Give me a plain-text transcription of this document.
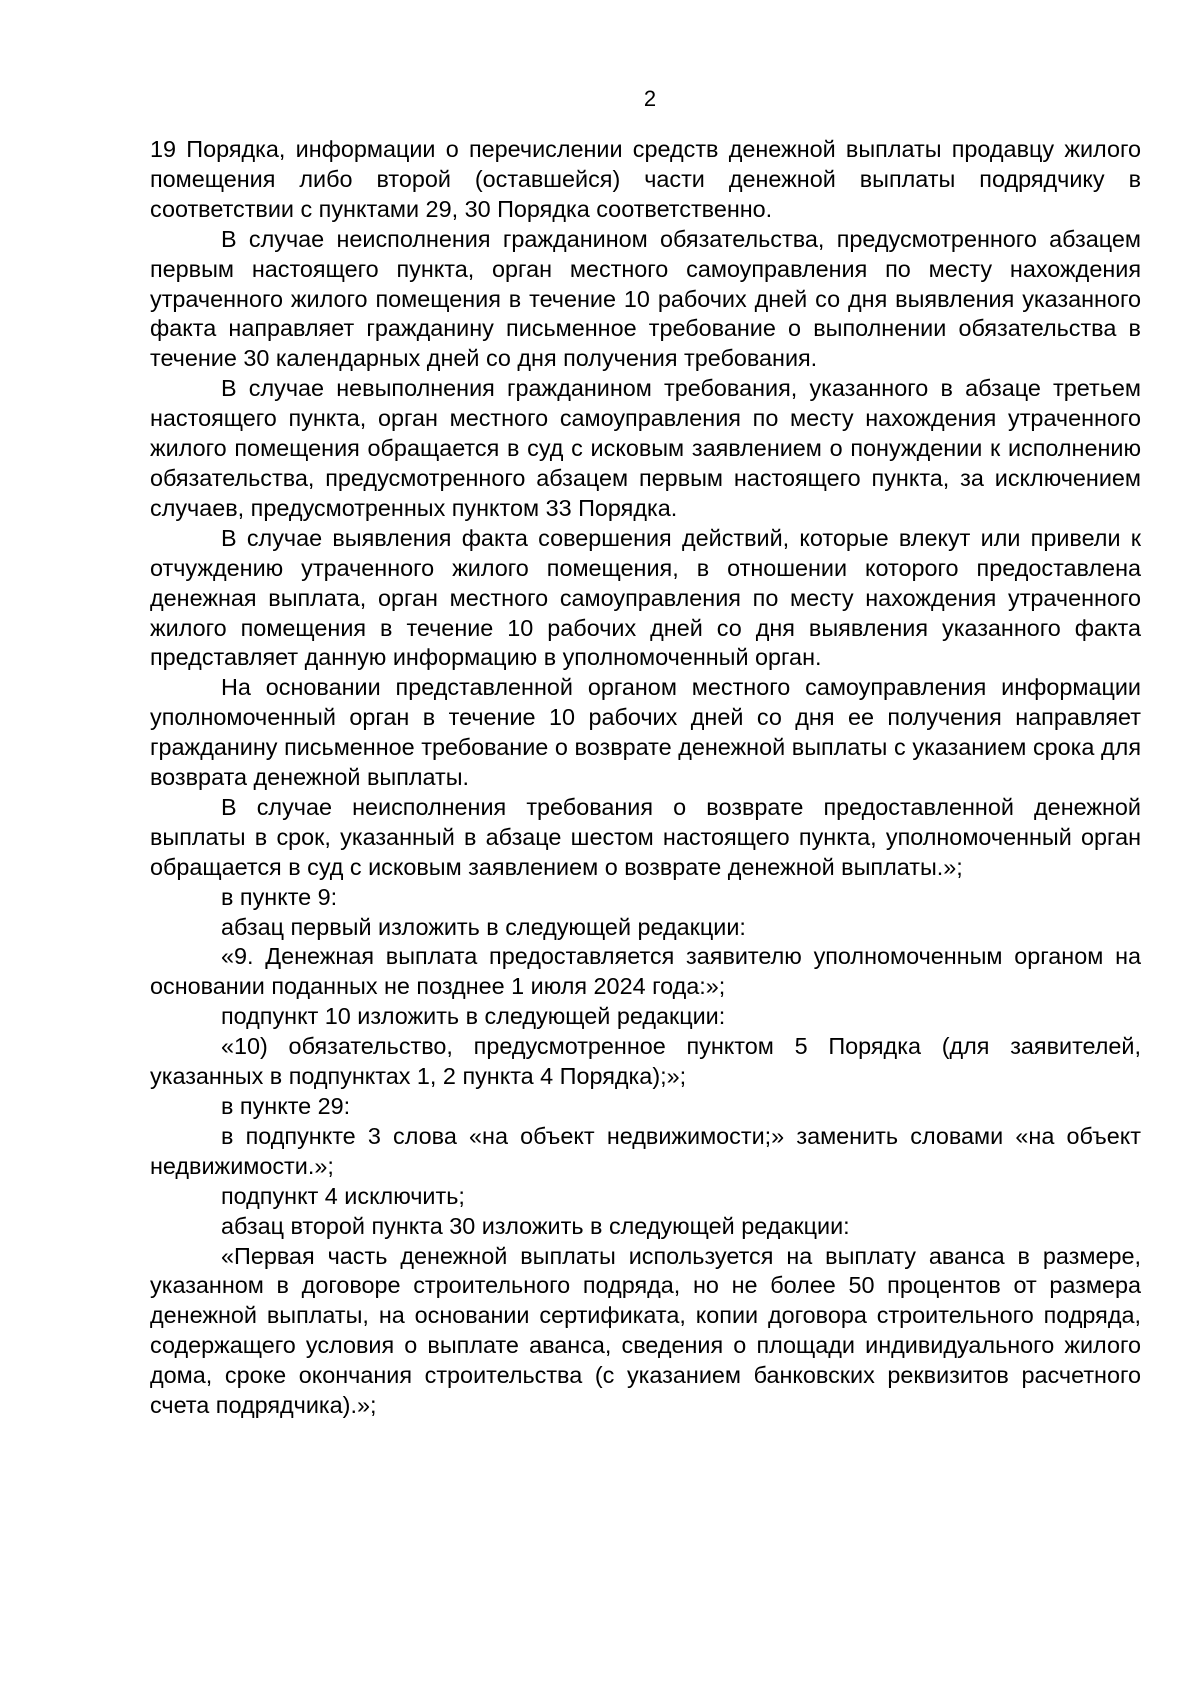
2

19 Порядка, информации о перечислении средств денежной выплаты продавцу жилого помещения либо второй (оставшейся) части денежной выплаты подрядчику в соответствии с пунктами 29, 30 Порядка соответственно.

В случае неисполнения гражданином обязательства, предусмотренного абзацем первым настоящего пункта, орган местного самоуправления по месту нахождения утраченного жилого помещения в течение 10 рабочих дней со дня выявления указанного факта направляет гражданину письменное требование о выполнении обязательства в течение 30 календарных дней со дня получения требования.

В случае невыполнения гражданином требования, указанного в абзаце третьем настоящего пункта, орган местного самоуправления по месту нахождения утраченного жилого помещения обращается в суд с исковым заявлением о понуждении к исполнению обязательства, предусмотренного абзацем первым настоящего пункта, за исключением случаев, предусмотренных пунктом 33 Порядка.

В случае выявления факта совершения действий, которые влекут или привели к отчуждению утраченного жилого помещения, в отношении которого предоставлена денежная выплата, орган местного самоуправления по месту нахождения утраченного жилого помещения в течение 10 рабочих дней со дня выявления указанного факта представляет данную информацию в уполномоченный орган.

На основании представленной органом местного самоуправления информации уполномоченный орган в течение 10 рабочих дней со дня ее получения направляет гражданину письменное требование о возврате денежной выплаты с указанием срока для возврата денежной выплаты.

В случае неисполнения требования о возврате предоставленной денежной выплаты в срок, указанный в абзаце шестом настоящего пункта, уполномоченный орган обращается в суд с исковым заявлением о возврате денежной выплаты.»;

в пункте 9:

абзац первый изложить в следующей редакции:

«9. Денежная выплата предоставляется заявителю уполномоченным органом на основании поданных не позднее 1 июля 2024 года:»;

подпункт 10 изложить в следующей редакции:

«10) обязательство, предусмотренное пунктом 5 Порядка (для заявителей, указанных в подпунктах 1, 2 пункта 4 Порядка);»;

в пункте 29:

в подпункте 3 слова «на объект недвижимости;» заменить словами «на объект недвижимости.»;

подпункт 4 исключить;

абзац второй пункта 30 изложить в следующей редакции:

«Первая часть денежной выплаты используется на выплату аванса в размере, указанном в договоре строительного подряда, но не более 50 процентов от размера денежной выплаты, на основании сертификата, копии договора строительного подряда, содержащего условия о выплате аванса, сведения о площади индивидуального жилого дома, сроке окончания строительства (с указанием банковских реквизитов расчетного счета подрядчика).»;
